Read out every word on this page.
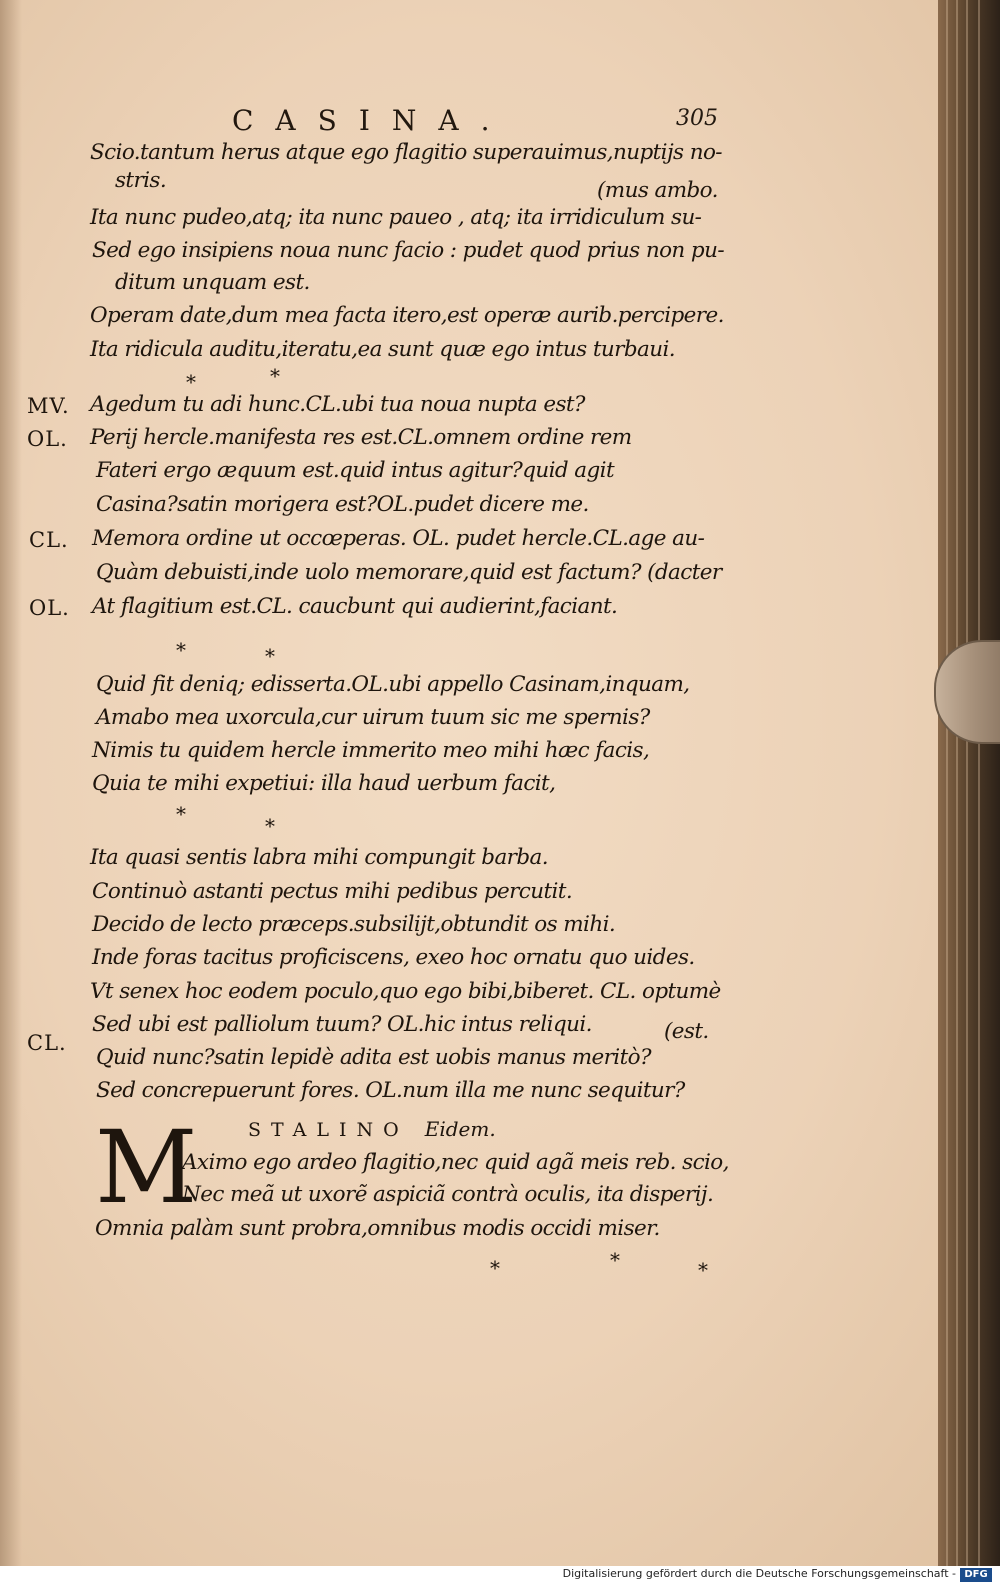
CASINA.	305
Scio.tantum herus atque ego flagitio superauimus,nuptijs no-
stris.	(mus ambo.
Ita nunc pudeo,atq; ita nunc paueo , atq; ita irridiculum su-
Sed ego insipiens noua nunc facio : pudet quod prius non pu-
ditum unquam est.
Operam date,dum mea facta itero,est operæ aurib.percipere.
Ita ridicula auditu,iteratu,ea sunt quæ ego intus turbaui.
*	*
MV. Agedum tu adi hunc.CL.ubi tua noua nupta est?
OL. Perij hercle.manifesta res est.CL.omnem ordine rem
Fateri ergo æquum est.quid intus agitur?quid agit
Casina?satin morigera est?OL.pudet dicere me.
CL. Memora ordine ut occœperas. OL. pudet hercle.CL.age au-
Quàm debuisti,inde uolo memorare,quid est factum? (dacter
OL. At flagitium est.CL. caucbunt qui audierint,faciant.
*	*
Quid fit deniq; edisserta.OL.ubi appello Casinam,inquam,
Amabo mea uxorcula,cur uirum tuum sic me spernis?
Nimis tu quidem hercle immerito meo mihi hæc facis,
Quia te mihi expetiui: illa haud uerbum facit,
*	*
Ita quasi sentis labra mihi compungit barba.
Continuò astanti pectus mihi pedibus percutit.
Decido de lecto præceps.subsilijt,obtundit os mihi.
Inde foras tacitus proficiscens, exeo hoc ornatu quo uides.
Vt senex hoc eodem poculo,quo ego bibi,biberet. CL. optumè
Sed ubi est palliolum tuum? OL.hic intus reliqui.	(est.
CL.
Quid nunc?satin lepidè adita est uobis manus meritò?
Sed concrepuerunt fores. OL.num illa me nunc sequitur?
STALINO Eidem.
M
Aximo ego ardeo flagitio,nec quid agã meis reb. scio,
Nec meã ut uxorẽ aspiciã contrà oculis, ita disperij.
Omnia palàm sunt probra,omnibus modis occidi miser.
*	*	*
Digitalisierung gefördert durch die Deutsche Forschungsgemeinschaft - DFG
